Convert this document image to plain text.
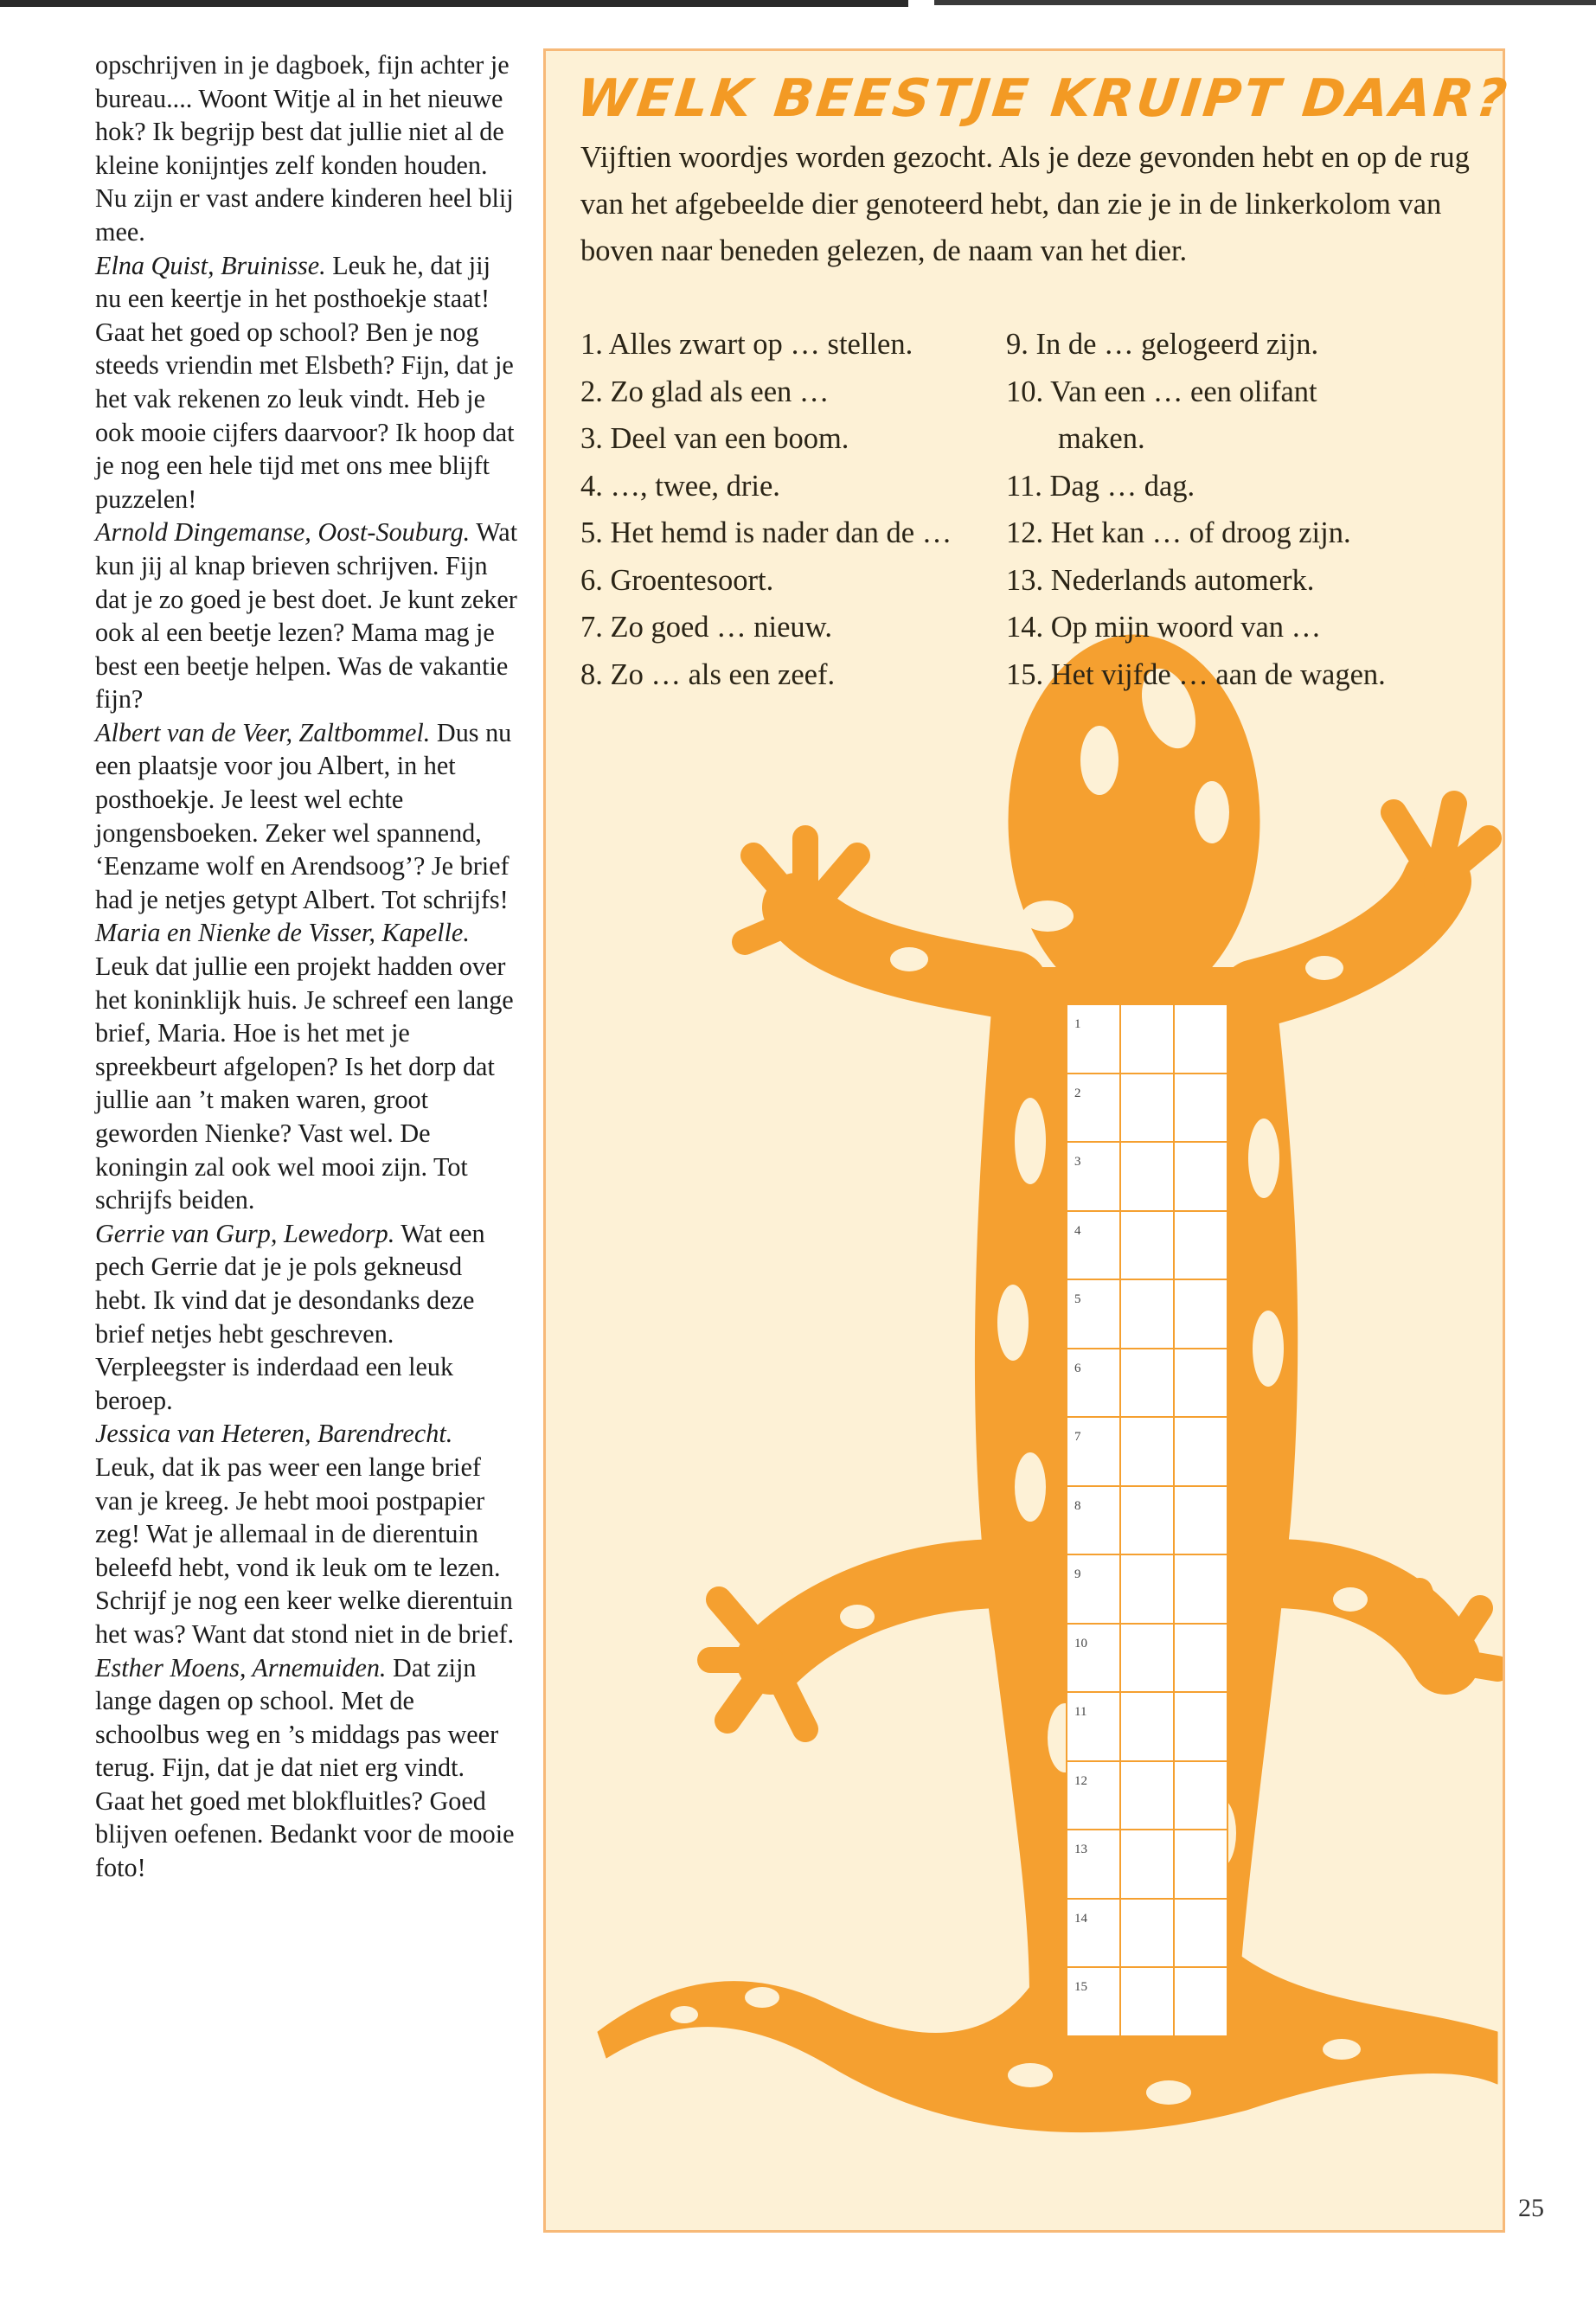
opschrijven in je dagboek, fijn achter je bureau.... Woont Witje al in het nieuwe hok? Ik begrijp best dat jullie niet al de kleine konijntjes zelf konden houden. Nu zijn er vast andere kinderen heel blij mee.

Elna Quist, Bruinisse. Leuk he, dat jij nu een keertje in het posthoekje staat! Gaat het goed op school? Ben je nog steeds vriendin met Elsbeth? Fijn, dat je het vak rekenen zo leuk vindt. Heb je ook mooie cijfers daarvoor? Ik hoop dat je nog een hele tijd met ons mee blijft puzzelen!

Arnold Dingemanse, Oost-Souburg. Wat kun jij al knap brieven schrijven. Fijn dat je zo goed je best doet. Je kunt zeker ook al een beetje lezen? Mama mag je best een beetje helpen. Was de vakantie fijn?

Albert van de Veer, Zaltbommel. Dus nu een plaatsje voor jou Albert, in het posthoekje. Je leest wel echte jongensboeken. Zeker wel spannend, ‘Eenzame wolf en Arendsoog’? Je brief had je netjes getypt Albert. Tot schrijfs!

Maria en Nienke de Visser, Kapelle. Leuk dat jullie een projekt hadden over het koninklijk huis. Je schreef een lange brief, Maria. Hoe is het met je spreekbeurt afgelopen? Is het dorp dat jullie aan ’t maken waren, groot geworden Nienke? Vast wel. De koningin zal ook wel mooi zijn. Tot schrijfs beiden.

Gerrie van Gurp, Lewedorp. Wat een pech Gerrie dat je je pols gekneusd hebt. Ik vind dat je desondanks deze brief netjes hebt geschreven. Verpleegster is inderdaad een leuk beroep.

Jessica van Heteren, Barendrecht. Leuk, dat ik pas weer een lange brief van je kreeg. Je hebt mooi postpapier zeg! Wat je allemaal in de dierentuin beleefd hebt, vond ik leuk om te lezen. Schrijf je nog een keer welke dierentuin het was? Want dat stond niet in de brief.

Esther Moens, Arnemuiden. Dat zijn lange dagen op school. Met de schoolbus weg en ’s middags pas weer terug. Fijn, dat je dat niet erg vindt. Gaat het goed met blokfluitles? Goed blijven oefenen. Bedankt voor de mooie foto!

WELK BEESTJE KRUIPT DAAR?

Vijftien woordjes worden gezocht. Als je deze gevonden hebt en op de rug van het afgebeelde dier genoteerd hebt, dan zie je in de linkerkolom van boven naar beneden gelezen, de naam van het dier.

1. Alles zwart op … stellen.
2. Zo glad als een …
3. Deel van een boom.
4. …, twee, drie.
5. Het hemd is nader dan de …
6. Groentesoort.
7. Zo goed … nieuw.
8. Zo … als een zeef.
9. In de … gelogeerd zijn.
10. Van een … een olifant
maken.
11. Dag … dag.
12. Het kan … of droog zijn.
13. Nederlands automerk.
14. Op mijn woord van …
15. Het vijfde … aan de wagen.
1
2
3
4
5
6
7
8
9
10
11
12
13
14
15
25
